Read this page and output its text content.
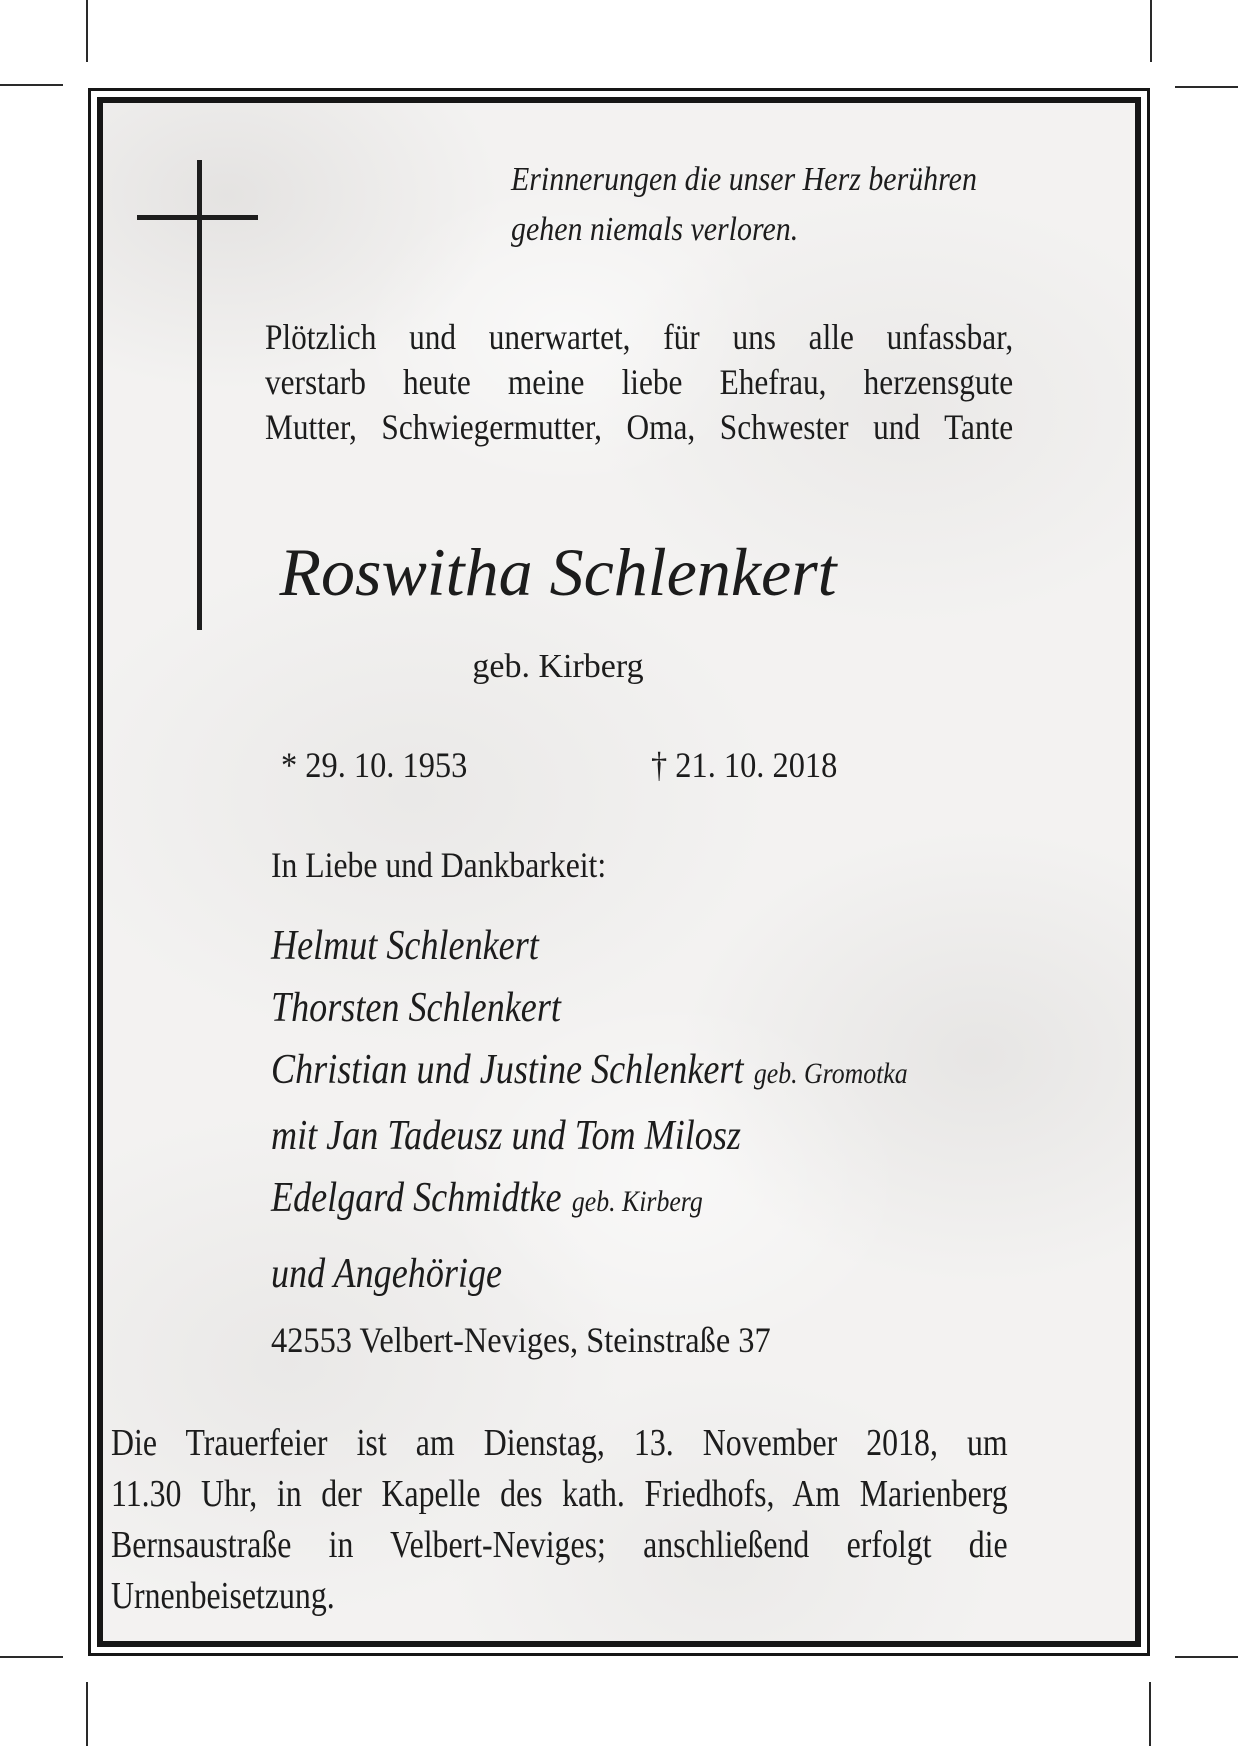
Erinnerungen die unser Herz berühren
gehen niemals verloren.
Plötzlich und unerwartet, für uns alle unfassbar,
verstarb heute meine liebe Ehefrau, herzensgute
Mutter, Schwiegermutter, Oma, Schwester und Tante
Roswitha Schlenkert
geb. Kirberg
* 29. 10. 1953	† 21. 10. 2018
In Liebe und Dankbarkeit:
Helmut Schlenkert
Thorsten Schlenkert
Christian und Justine Schlenkert geb. Gromotka
mit Jan Tadeusz und Tom Milosz
Edelgard Schmidtke geb. Kirberg
und Angehörige
42553 Velbert-Neviges, Steinstraße 37
Die Trauerfeier ist am Dienstag, 13. November 2018, um
11.30 Uhr, in der Kapelle des kath. Friedhofs, Am Marienberg
Bernsaustraße in Velbert-Neviges; anschließend erfolgt die
Urnenbeisetzung.
